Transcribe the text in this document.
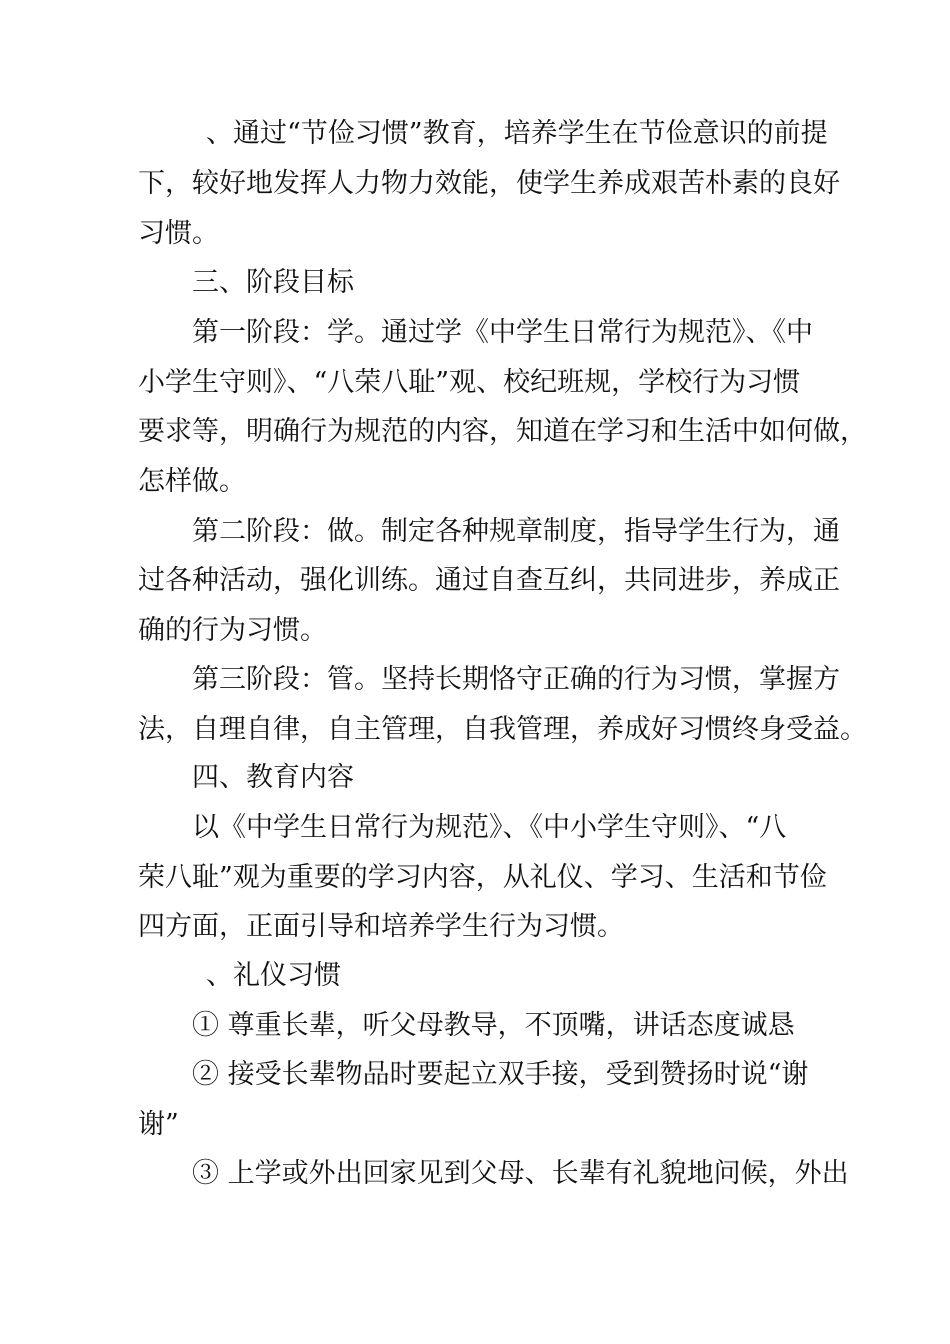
、通过“节俭习惯”教育，培养学生在节俭意识的前提
下，较好地发挥人力物力效能，使学生养成艰苦朴素的良好
习惯。
三、阶段目标
第一阶段：学。通过学《中学生日常行为规范》、《中
小学生守则》、“八荣八耻”观、校纪班规，学校行为习惯
要求等，明确行为规范的内容，知道在学习和生活中如何做，
怎样做。
第二阶段：做。制定各种规章制度，指导学生行为，通
过各种活动，强化训练。通过自查互纠，共同进步，养成正
确的行为习惯。
第三阶段：管。坚持长期恪守正确的行为习惯，掌握方
法，自理自律，自主管理，自我管理，养成好习惯终身受益。
四、教育内容
以《中学生日常行为规范》、《中小学生守则》、“八
荣八耻”观为重要的学习内容，从礼仪、学习、生活和节俭
四方面，正面引导和培养学生行为习惯。
、礼仪习惯
① 尊重长辈，听父母教导，不顶嘴，讲话态度诚恳
② 接受长辈物品时要起立双手接，受到赞扬时说“谢
谢”
③ 上学或外出回家见到父母、长辈有礼貌地问候，外出
